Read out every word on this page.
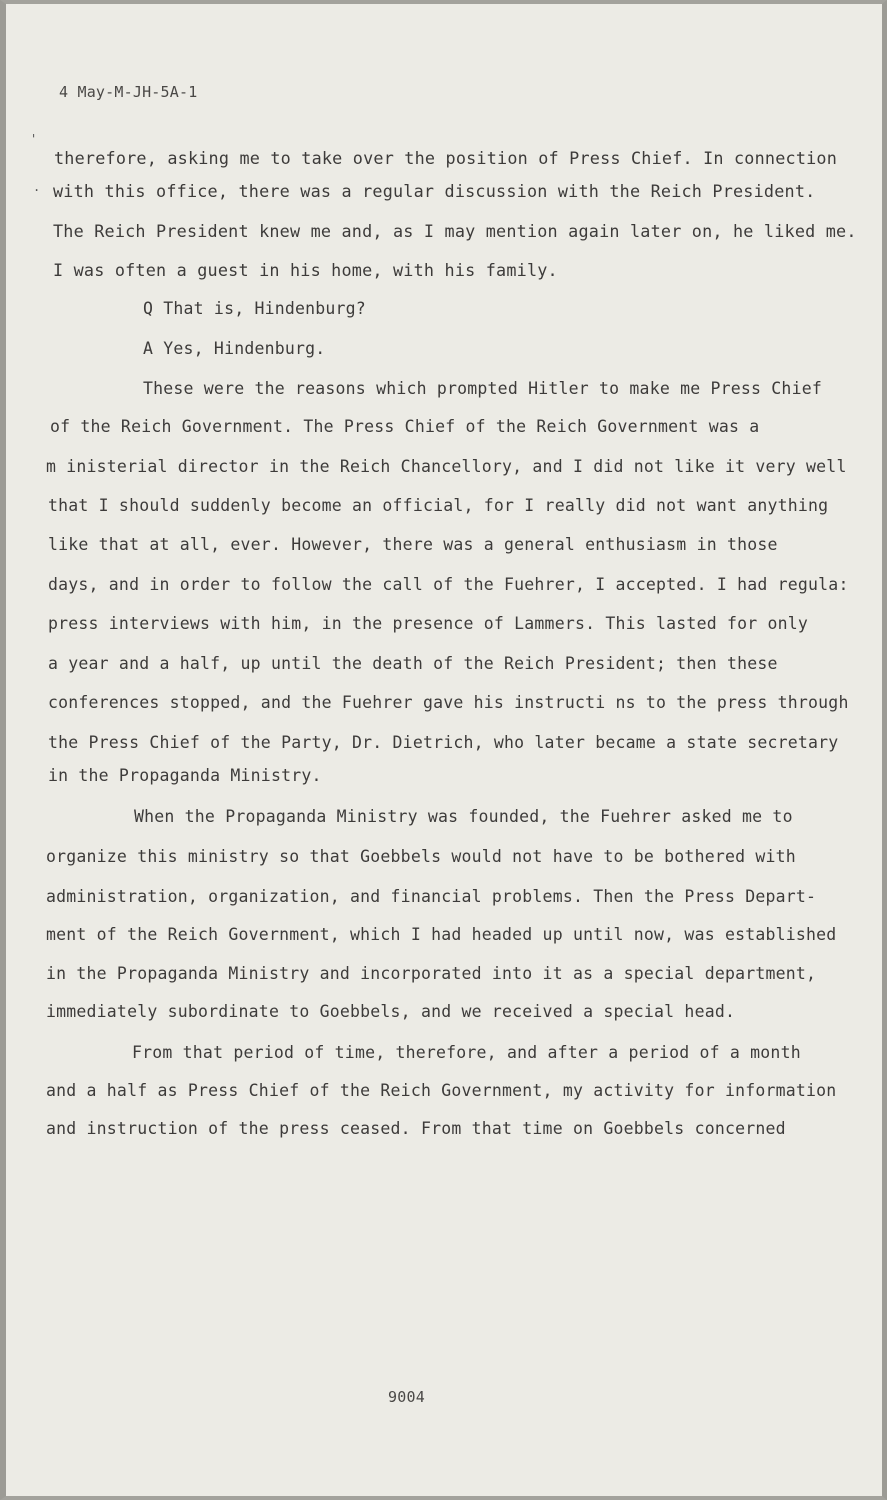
4 May-M-JH-5A-1
'
.
therefore, asking me to take over the position of Press Chief. In connection
with this office, there was a regular discussion with the Reich President.
The Reich President knew me and, as I may mention again later on, he liked me.
I was often a guest in his home, with his family.
Q That is, Hindenburg?
A Yes, Hindenburg.
These were the reasons which prompted Hitler to make me Press Chief
of the Reich Government. The Press Chief of the Reich Government was a
m inisterial director in the Reich Chancellory, and I did not like it very well
that I should suddenly become an official, for I really did not want anything
like that at all, ever. However, there was a general enthusiasm in those
days, and in order to follow the call of the Fuehrer, I accepted. I had regula:
press interviews with him, in the presence of Lammers. This lasted for only
a year and a half, up until the death of the Reich President; then these
conferences stopped, and the Fuehrer gave his instructi ns to the press through
the Press Chief of the Party, Dr. Dietrich, who later became a state secretary
in the Propaganda Ministry.
When the Propaganda Ministry was founded, the Fuehrer asked me to
organize this ministry so that Goebbels would not have to be bothered with
administration, organization, and financial problems. Then the Press Depart-
ment of the Reich Government, which I had headed up until now, was established
in the Propaganda Ministry and incorporated into it as a special department,
immediately subordinate to Goebbels, and we received a special head.
From that period of time, therefore, and after a period of a month
and a half as Press Chief of the Reich Government, my activity for information
and instruction of the press ceased. From that time on Goebbels concerned
9004
